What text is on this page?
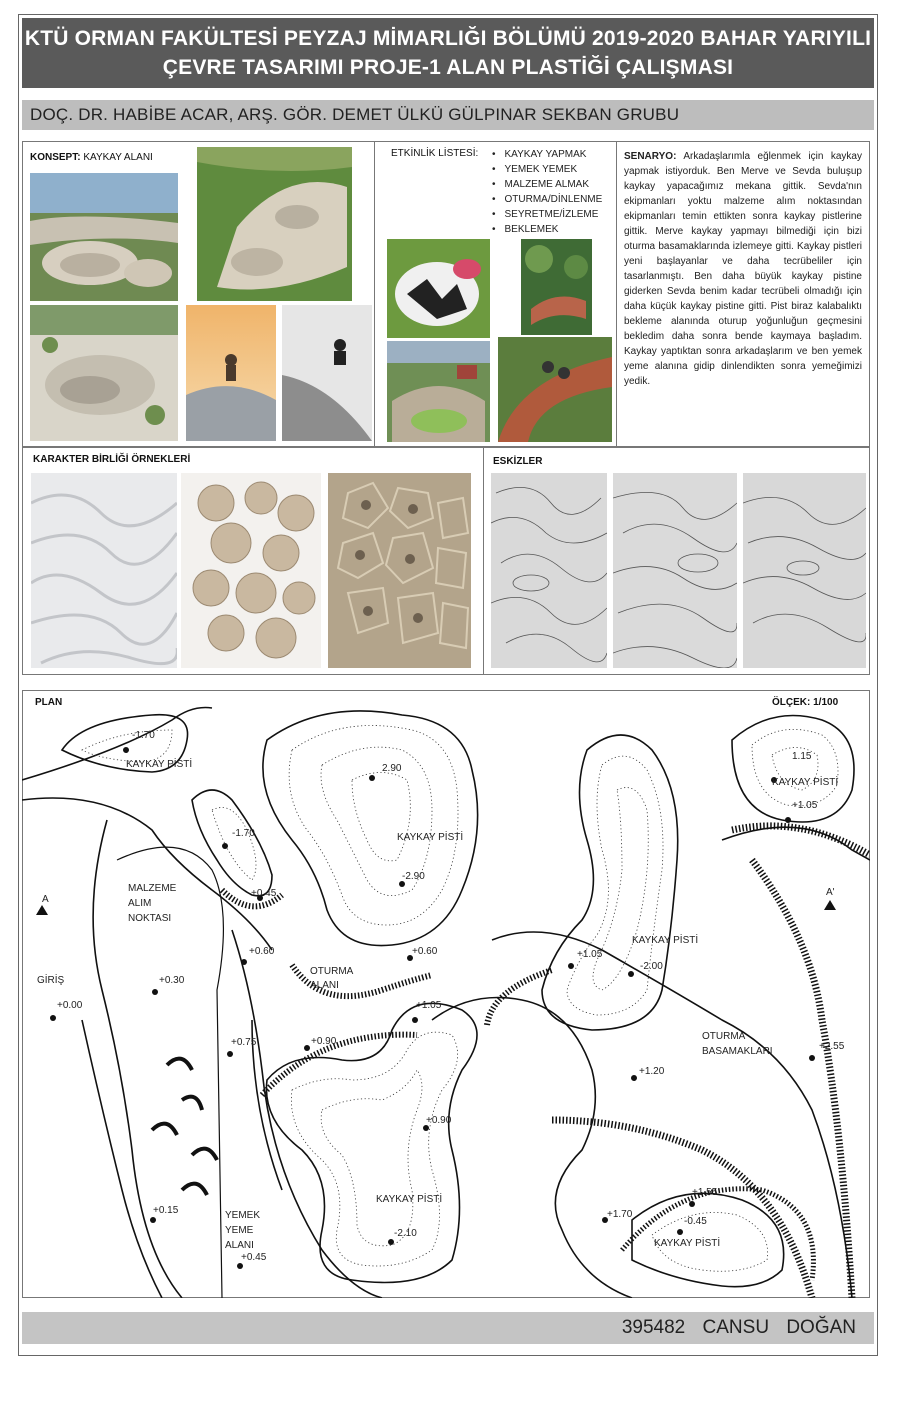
KTÜ ORMAN FAKÜLTESİ PEYZAJ MİMARLIĞI BÖLÜMÜ 2019-2020 BAHAR YARIYILI
ÇEVRE TASARIMI PROJE-1 ALAN PLASTİĞİ ÇALIŞMASI
DOÇ. DR. HABİBE ACAR, ARŞ. GÖR. DEMET ÜLKÜ GÜLPINAR SEKBAN GRUBU
KONSEPT: KAYKAY ALANI	ETKİNLİK LİSTESİ:
•	KAYKAY YAPMAK
• YEMEK YEMEK
• MALZEME ALMAK
• OTURMA/DİNLENME
• SEYRETME/İZLEME
• BEKLEMEK
SENARYO: Arkadaşlarımla eğlenmek için kaykay yapmak istiyorduk. Ben Merve ve Sevda buluşup kaykay yapacağımız mekana gittik. Sevda'nın ekipmanları yoktu malzeme alım noktasından ekipmanları temin ettikten sonra kaykay pistlerine gittik. Merve kaykay yapmayı bilmediği için bizi oturma basamaklarında izlemeye gitti. Kaykay pistleri yeni başlayanlar ve daha tecrübeliler için tasarlanmıştı. Ben daha büyük kaykay pistine giderken Sevda benim kadar tecrübeli olmadığı için daha küçük kaykay pistine gitti. Pist biraz kalabalıktı bekleme alanında oturup yoğunluğun geçmesini bekledim daha sonra bende kaymaya başladım. Kaykay yaptıktan sonra arkadaşlarım ve ben yemek yeme alanına gidip dinlendikten sonra yemeğimizi yedik.
KARAKTER BİRLİĞİ ÖRNEKLERİ	ESKİZLER
PLAN	ÖLÇEK: 1/100
KAYKAY PİSTİ
KAYKAY PİSTİ
KAYKAY PİSTİ
KAYKAY PİSTİ
KAYKAY PİSTİ
KAYKAY PİSTİ
MALZEME
ALIM
NOKTASI
GİRİŞ
OTURMA
ALANI
OTURMA
BASAMAKLARI
YEMEK
YEME
ALANI
A
A'
-1.70
-1.70
+0.45
2.90
-2.90
+0.60	+0.60
+0.30
+0.00
+0.75	+0.90
+1.05
+1.05
-2.00
1.15
+1.05
+2.55
+1.20
+0.90
-2.10
+0.15
+0.45
+1.55
+1.70
-0.45
395482 CANSU DOĞAN
